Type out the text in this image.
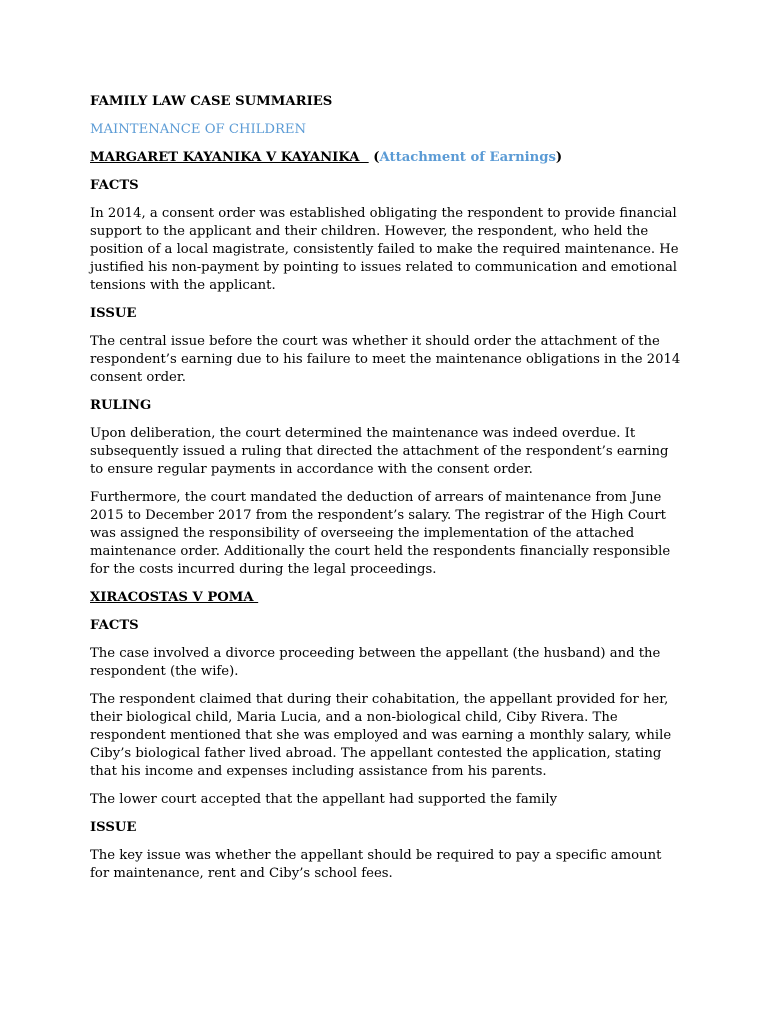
FAMILY LAW CASE SUMMARIES
MAINTENANCE OF CHILDREN
MARGARET KAYANIKA V KAYANIKA   (Attachment of Earnings)
FACTS

In 2014, a consent order was established obligating the respondent to provide financial support to the applicant and their children. However, the respondent, who held the position of a local magistrate, consistently failed to make the required maintenance. He justified his non-payment by pointing to issues related to communication and emotional tensions with the applicant.

ISSUE

The central issue before the court was whether it should order the attachment of the respondent’s earning due to his failure to meet the maintenance obligations in the 2014 consent order.

RULING

Upon deliberation, the court determined the maintenance was indeed overdue. It subsequently issued a ruling that directed the attachment of the respondent’s earning to ensure regular payments in accordance with the consent order.

Furthermore, the court mandated the deduction of arrears of maintenance from June 2015 to December 2017 from the respondent’s salary. The registrar of the High Court was assigned the responsibility of overseeing the implementation of the attached maintenance order. Additionally the court held the respondents financially responsible for the costs incurred during the legal proceedings.

XIRACOSTAS V POMA
FACTS

The case involved a divorce proceeding between the appellant (the husband) and the respondent (the wife).

The respondent claimed that during their cohabitation, the appellant provided for her, their biological child, Maria Lucia, and a non-biological child, Ciby Rivera. The respondent mentioned that she was employed and was earning a monthly salary, while Ciby’s biological father lived abroad. The appellant contested the application, stating that his income and expenses including assistance from his parents.

The lower court accepted that the appellant had supported the family

ISSUE

The key issue was whether the appellant should be required to pay a specific amount for maintenance, rent and Ciby’s school fees.
